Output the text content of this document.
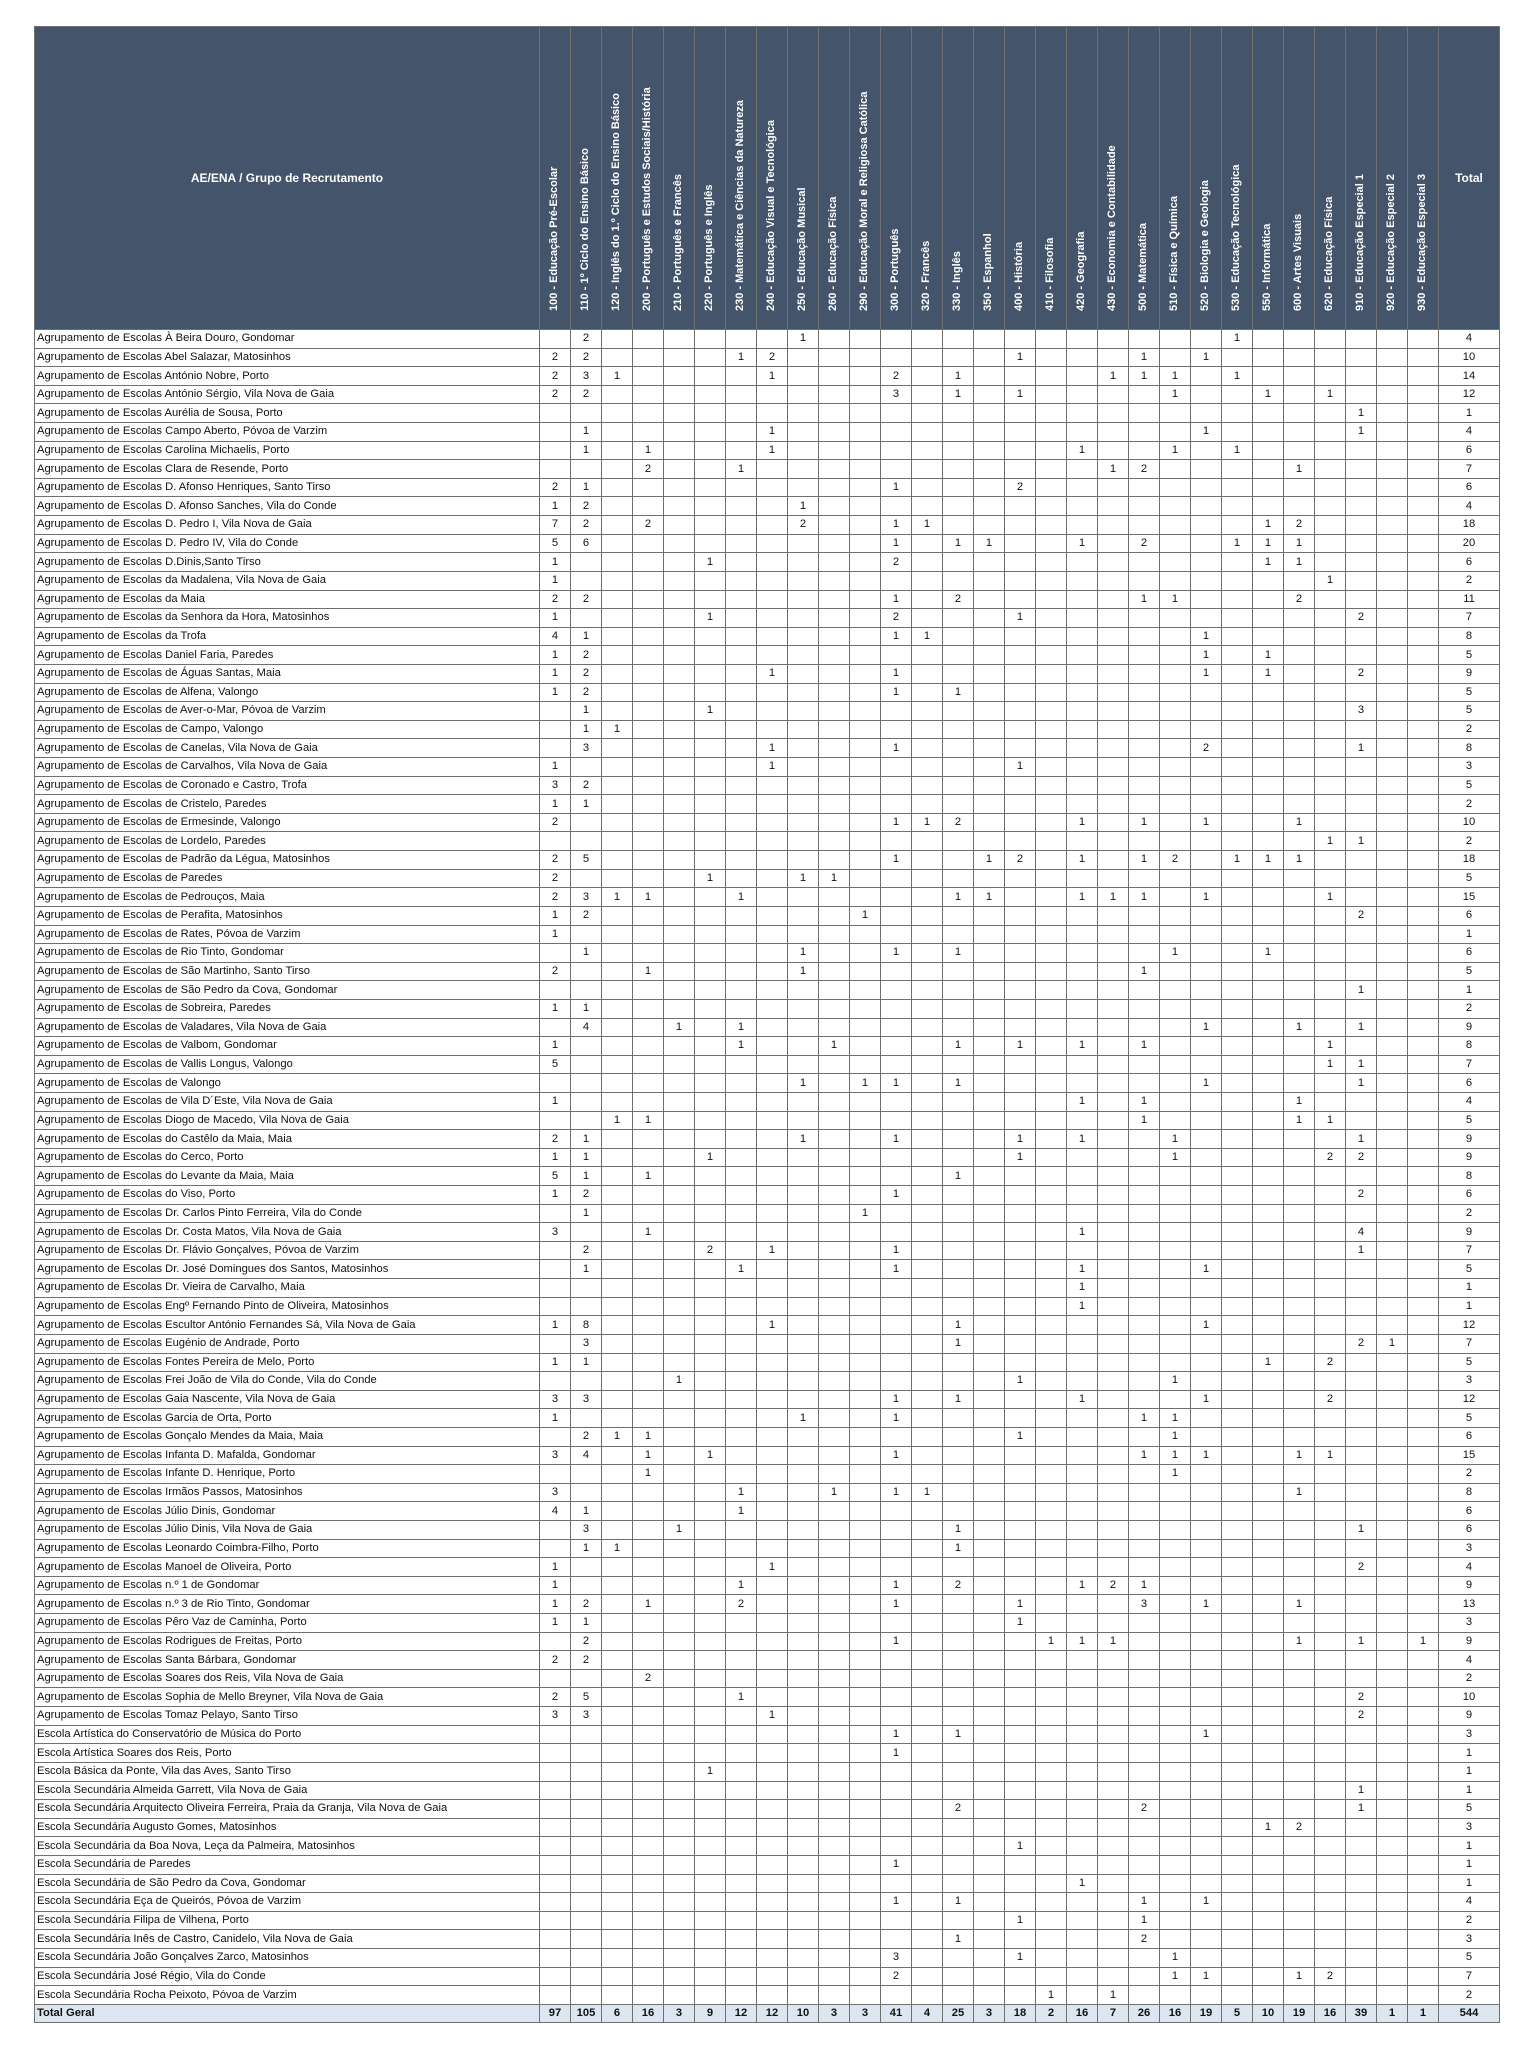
AE/ENA / Grupo de Recrutamento	100 - Educação Pré-Escolar	110 - 1º Ciclo do Ensino Básico	120 - Inglês do 1.º Ciclo do Ensino Básico	200 - Português e Estudos Sociais/História	210 - Português e Francês	220 - Português e Inglês	230 - Matemática e Ciências da Natureza	240 - Educação Visual e Tecnológica	250 - Educação Musical	260 - Educação Física	290 - Educação Moral e Religiosa Católica	300 - Português	320 - Francês	330 - Inglês	350 - Espanhol	400 - História	410 - Filosofia	420 - Geografia	430 - Economia e Contabilidade	500 - Matemática	510 - Física e Química	520 - Biologia e Geologia	530 - Educação Tecnológica	550 - Informática	600 - Artes Visuais	620 - Educação Física	910 - Educação Especial 1	920 - Educação Especial 2	930 - Educação Especial 3	Total
Agrupamento de Escolas À Beira Douro, Gondomar		2							1														1							4
Agrupamento de Escolas Abel Salazar, Matosinhos	2	2					1	2								1				1		1								10
Agrupamento de Escolas António Nobre, Porto	2	3	1					1				2		1					1	1	1		1							14
Agrupamento de Escolas António Sérgio, Vila Nova de Gaia	2	2										3		1		1					1			1		1				12
Agrupamento de Escolas Aurélia de Sousa, Porto																											1			1
Agrupamento de Escolas Campo Aberto, Póvoa de Varzim		1						1														1					1			4
Agrupamento de Escolas Carolina Michaelis, Porto		1		1				1										1			1		1							6
Agrupamento de Escolas Clara de Resende, Porto				2			1												1	2					1					7
Agrupamento de Escolas D. Afonso Henriques, Santo Tirso	2	1										1				2														6
Agrupamento de Escolas D. Afonso Sanches, Vila do Conde	1	2							1																					4
Agrupamento de Escolas D. Pedro I, Vila Nova de Gaia	7	2		2					2			1	1											1	2					18
Agrupamento de Escolas D. Pedro IV, Vila do Conde	5	6										1		1	1			1		2			1	1	1					20
Agrupamento de Escolas D.Dinis,Santo Tirso	1					1						2												1	1					6
Agrupamento de Escolas da Madalena, Vila Nova de Gaia	1																									1				2
Agrupamento de Escolas da Maia	2	2										1		2						1	1				2					11
Agrupamento de Escolas da Senhora da Hora, Matosinhos	1					1						2				1											2			7
Agrupamento de Escolas da Trofa	4	1										1	1									1								8
Agrupamento de Escolas Daniel Faria, Paredes	1	2																				1		1						5
Agrupamento de Escolas de Águas Santas, Maia	1	2						1				1										1		1			2			9
Agrupamento de Escolas de Alfena, Valongo	1	2										1		1																5
Agrupamento de Escolas de Aver-o-Mar, Póvoa de Varzim		1				1																					3			5
Agrupamento de Escolas de Campo, Valongo		1	1																											2
Agrupamento de Escolas de Canelas, Vila Nova de Gaia		3						1				1										2					1			8
Agrupamento de Escolas de Carvalhos, Vila Nova de Gaia	1							1								1														3
Agrupamento de Escolas de Coronado e Castro, Trofa	3	2																												5
Agrupamento de Escolas de Cristelo, Paredes	1	1																												2
Agrupamento de Escolas de Ermesinde, Valongo	2											1	1	2				1		1		1			1					10
Agrupamento de Escolas de Lordelo, Paredes																										1	1			2
Agrupamento de Escolas de Padrão da Légua, Matosinhos	2	5										1			1	2		1		1	2		1	1	1					18
Agrupamento de Escolas de Paredes	2					1			1	1																				5
Agrupamento de Escolas de Pedrouços, Maia	2	3	1	1			1							1	1			1	1	1		1				1				15
Agrupamento de Escolas de Perafita, Matosinhos	1	2									1																2			6
Agrupamento de Escolas de Rates, Póvoa de Varzim	1																													1
Agrupamento de Escolas de Rio Tinto, Gondomar		1							1			1		1							1			1						6
Agrupamento de Escolas de São Martinho, Santo Tirso	2			1					1											1										5
Agrupamento de Escolas de São Pedro da Cova, Gondomar																											1			1
Agrupamento de Escolas de Sobreira, Paredes	1	1																												2
Agrupamento de Escolas de Valadares, Vila Nova de Gaia		4			1		1															1			1		1			9
Agrupamento de Escolas de Valbom, Gondomar	1						1			1				1		1		1		1						1				8
Agrupamento de Escolas de Vallis Longus, Valongo	5																									1	1			7
Agrupamento de Escolas de Valongo									1		1	1		1								1					1			6
Agrupamento de Escolas de Vila D´Este, Vila Nova de Gaia	1																	1		1					1					4
Agrupamento de Escolas Diogo de Macedo, Vila Nova de Gaia			1	1																1					1	1				5
Agrupamento de Escolas do Castêlo da Maia, Maia	2	1							1			1				1		1			1						1			9
Agrupamento de Escolas do Cerco, Porto	1	1				1										1					1					2	2			9
Agrupamento de Escolas do Levante da Maia, Maia	5	1		1										1																8
Agrupamento de Escolas do Viso, Porto	1	2										1															2			6
Agrupamento de Escolas Dr. Carlos Pinto Ferreira, Vila do Conde		1									1																			2
Agrupamento de Escolas Dr. Costa Matos, Vila Nova de Gaia	3			1														1									4			9
Agrupamento de Escolas Dr. Flávio Gonçalves, Póvoa de Varzim		2				2		1				1															1			7
Agrupamento de Escolas Dr. José Domingues dos Santos, Matosinhos		1					1					1						1				1								5
Agrupamento de Escolas Dr. Vieira de Carvalho, Maia																		1												1
Agrupamento de Escolas Engº Fernando Pinto de Oliveira, Matosinhos																		1												1
Agrupamento de Escolas Escultor António Fernandes Sá, Vila Nova de Gaia	1	8						1						1								1								12
Agrupamento de Escolas Eugénio de Andrade, Porto		3												1													2	1		7
Agrupamento de Escolas Fontes Pereira de Melo, Porto	1	1																						1		2				5
Agrupamento de Escolas Frei João de Vila do Conde, Vila do Conde					1											1					1									3
Agrupamento de Escolas Gaia Nascente, Vila Nova de Gaia	3	3										1		1				1				1				2				12
Agrupamento de Escolas Garcia de Orta, Porto	1								1			1								1	1									5
Agrupamento de Escolas Gonçalo Mendes da Maia, Maia		2	1	1												1					1									6
Agrupamento de Escolas Infanta D. Mafalda, Gondomar	3	4		1		1						1								1	1	1			1	1				15
Agrupamento de Escolas Infante D. Henrique, Porto				1																	1									2
Agrupamento de Escolas Irmãos Passos, Matosinhos	3						1			1		1	1												1					8
Agrupamento de Escolas Júlio Dinis, Gondomar	4	1					1																							6
Agrupamento de Escolas Júlio Dinis, Vila Nova de Gaia		3			1									1													1			6
Agrupamento de Escolas Leonardo Coimbra-Filho, Porto		1	1											1																3
Agrupamento de Escolas Manoel de Oliveira, Porto	1							1																			2			4
Agrupamento de Escolas n.º 1 de Gondomar	1						1					1		2				1	2	1										9
Agrupamento de Escolas n.º 3 de Rio Tinto, Gondomar	1	2		1			2					1				1				3		1			1					13
Agrupamento de Escolas Pêro Vaz de Caminha, Porto	1	1														1														3
Agrupamento de Escolas Rodrigues de Freitas, Porto		2										1					1	1	1						1		1		1	9
Agrupamento de Escolas Santa Bárbara, Gondomar	2	2																												4
Agrupamento de Escolas Soares dos Reis, Vila Nova de Gaia				2																										2
Agrupamento de Escolas Sophia de Mello Breyner, Vila Nova de Gaia	2	5					1																				2			10
Agrupamento de Escolas Tomaz Pelayo, Santo Tirso	3	3						1																			2			9
Escola Artística do Conservatório de Música do Porto												1		1								1								3
Escola Artística Soares dos Reis, Porto												1																		1
Escola Básica da Ponte, Vila das Aves, Santo Tirso						1																								1
Escola Secundária Almeida Garrett, Vila Nova de Gaia																											1			1
Escola Secundária Arquitecto Oliveira Ferreira, Praia da Granja, Vila Nova de Gaia														2						2							1			5
Escola Secundária Augusto Gomes, Matosinhos																								1	2					3
Escola Secundária da Boa Nova, Leça da Palmeira, Matosinhos																1														1
Escola Secundária de Paredes												1																		1
Escola Secundária de São Pedro da Cova, Gondomar																		1												1
Escola Secundária Eça de Queirós, Póvoa de Varzim												1		1						1		1								4
Escola Secundária Filipa de Vilhena, Porto																1				1										2
Escola Secundária Inês de Castro, Canidelo, Vila Nova de Gaia														1						2										3
Escola Secundária João Gonçalves Zarco, Matosinhos												3				1					1									5
Escola Secundária José Régio, Vila do Conde												2									1	1			1	2				7
Escola Secundária Rocha Peixoto, Póvoa de Varzim																	1		1											2
Total Geral	97	105	6	16	3	9	12	12	10	3	3	41	4	25	3	18	2	16	7	26	16	19	5	10	19	16	39	1	1	544
